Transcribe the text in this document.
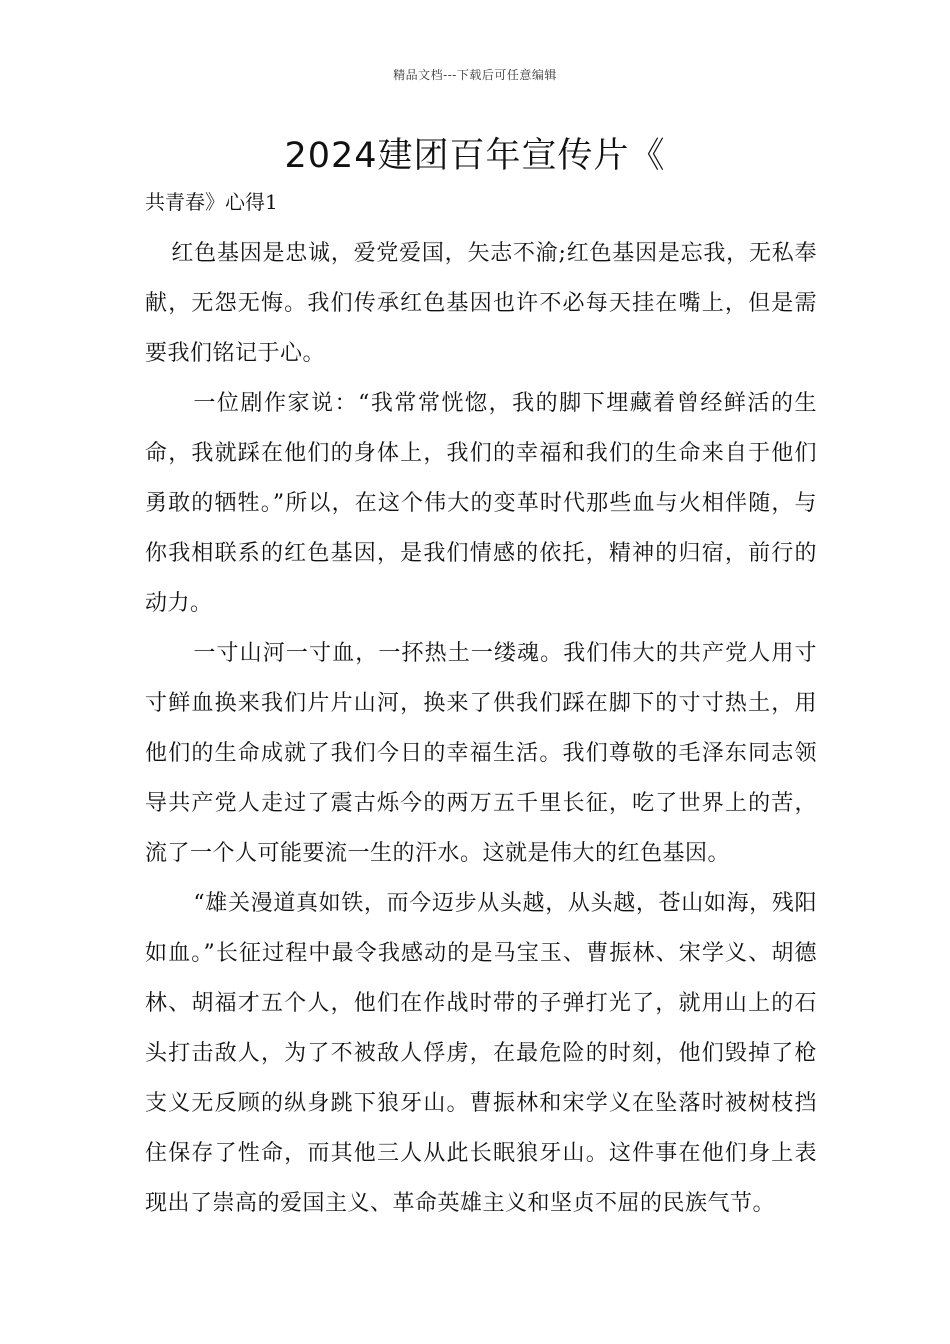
精品文档---下载后可任意编辑
2024建团百年宣传片《
共青春》心得1

红色基因是忠诚，爱党爱国，矢志不渝;红色基因是忘我，无私奉献，无怨无悔。我们传承红色基因也许不必每天挂在嘴上，但是需要我们铭记于心。

一位剧作家说：“我常常恍惚，我的脚下埋藏着曾经鲜活的生命，我就踩在他们的身体上，我们的幸福和我们的生命来自于他们勇敢的牺牲。”所以，在这个伟大的变革时代那些血与火相伴随，与你我相联系的红色基因，是我们情感的依托，精神的归宿，前行的动力。

一寸山河一寸血，一抔热土一缕魂。我们伟大的共产党人用寸寸鲜血换来我们片片山河，换来了供我们踩在脚下的寸寸热土，用他们的生命成就了我们今日的幸福生活。我们尊敬的毛泽东同志领导共产党人走过了震古烁今的两万五千里长征，吃了世界上的苦，流了一个人可能要流一生的汗水。这就是伟大的红色基因。

“雄关漫道真如铁，而今迈步从头越，从头越，苍山如海，残阳如血。”长征过程中最令我感动的是马宝玉、曹振林、宋学义、胡德林、胡福才五个人，他们在作战时带的子弹打光了，就用山上的石头打击敌人，为了不被敌人俘虏，在最危险的时刻，他们毁掉了枪 支义无反顾的纵身跳下狼牙山。曹振林和宋学义在坠落时被树枝挡住保存了性命，而其他三人从此长眠狼牙山。这件事在他们身上表现出了崇高的爱国主义、革命英雄主义和坚贞不屈的民族气节。
